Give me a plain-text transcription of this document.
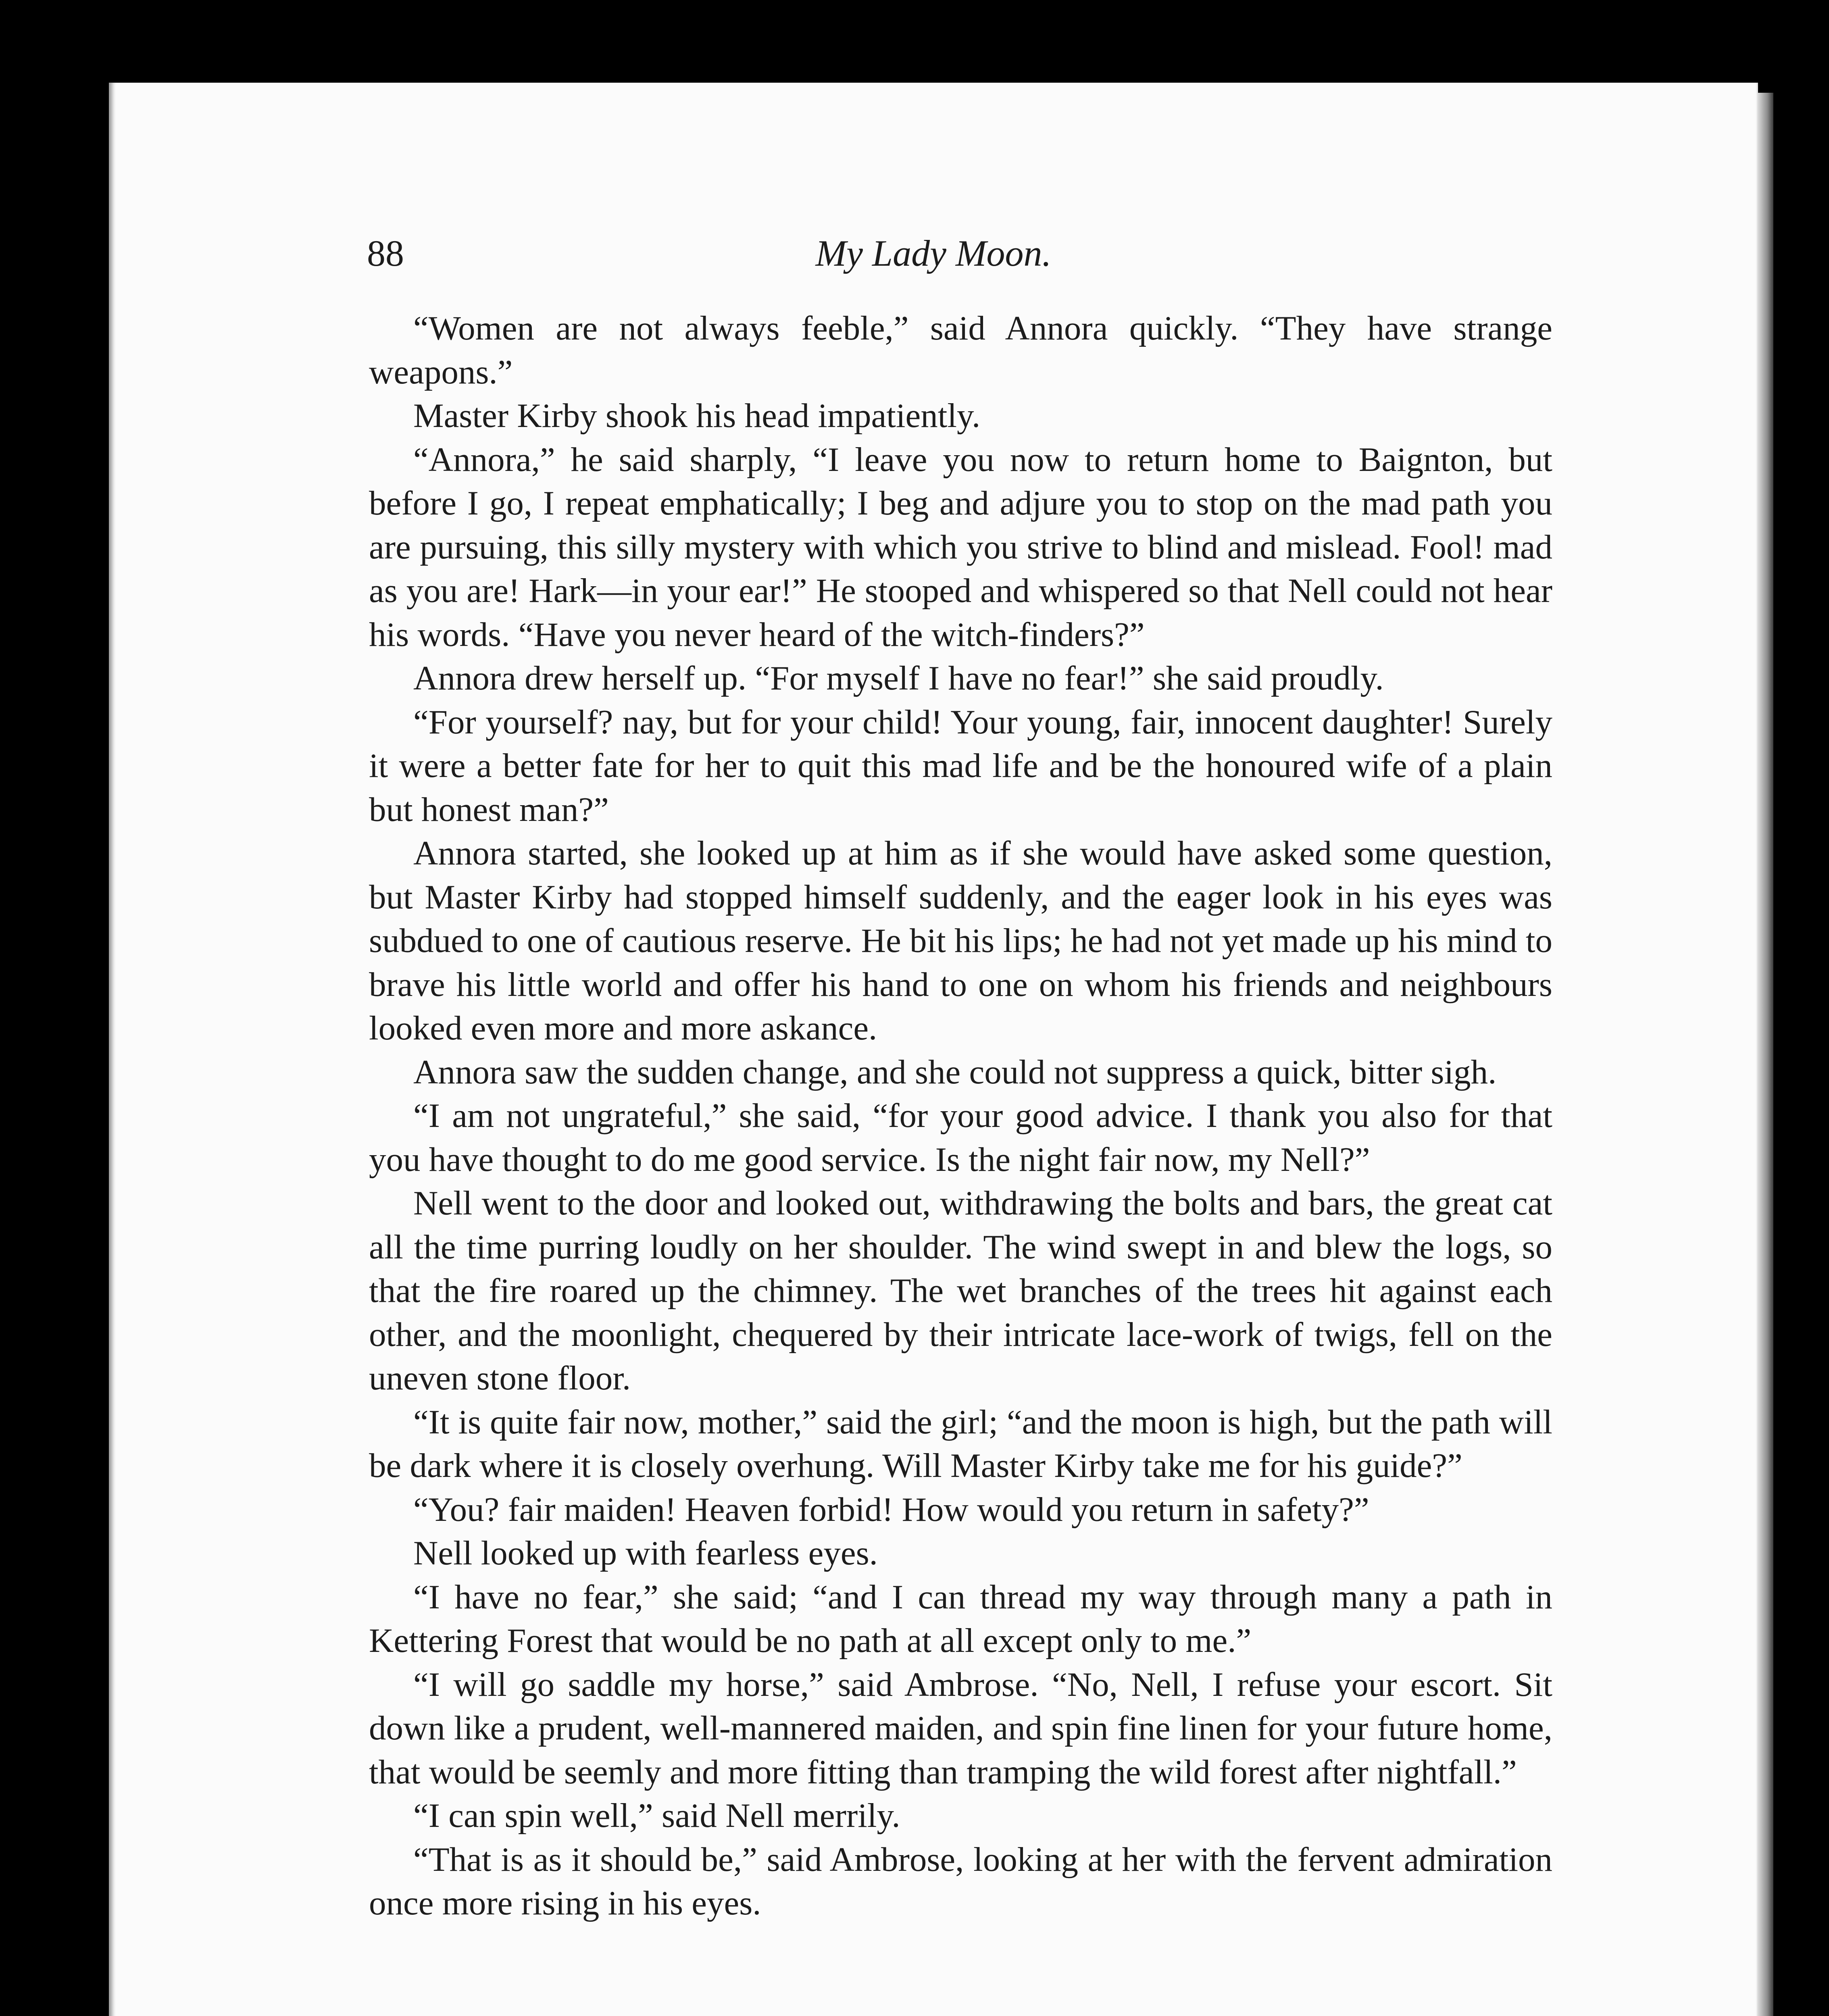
My Lady Moon.
88

“Women are not always feeble,” said Annora quickly. “They have strange weapons.”

Master Kirby shook his head impatiently.

“Annora,” he said sharply, “I leave you now to return home to Baignton, but before I go, I repeat emphatically; I beg and adjure you to stop on the mad path you are pursuing, this silly mystery with which you strive to blind and mislead. Fool! mad as you are! Hark—in your ear!” He stooped and whispered so that Nell could not hear his words. “Have you never heard of the witch-finders?”

Annora drew herself up. “For myself I have no fear!” she said proudly.

“For yourself? nay, but for your child! Your young, fair, innocent daughter! Surely it were a better fate for her to quit this mad life and be the honoured wife of a plain but honest man?”

Annora started, she looked up at him as if she would have asked some question, but Master Kirby had stopped himself suddenly, and the eager look in his eyes was subdued to one of cautious reserve. He bit his lips; he had not yet made up his mind to brave his little world and offer his hand to one on whom his friends and neighbours looked even more and more askance.

Annora saw the sudden change, and she could not suppress a quick, bitter sigh.

“I am not ungrateful,” she said, “for your good advice. I thank you also for that you have thought to do me good service. Is the night fair now, my Nell?”

Nell went to the door and looked out, withdrawing the bolts and bars, the great cat all the time purring loudly on her shoulder. The wind swept in and blew the logs, so that the fire roared up the chimney. The wet branches of the trees hit against each other, and the moonlight, chequered by their intricate lace-work of twigs, fell on the uneven stone floor.

“It is quite fair now, mother,” said the girl; “and the moon is high, but the path will be dark where it is closely overhung. Will Master Kirby take me for his guide?”

“You? fair maiden! Heaven forbid! How would you return in safety?”

Nell looked up with fearless eyes.

“I have no fear,” she said; “and I can thread my way through many a path in Kettering Forest that would be no path at all except only to me.”

“I will go saddle my horse,” said Ambrose. “No, Nell, I refuse your escort. Sit down like a prudent, well-mannered maiden, and spin fine linen for your future home, that would be seemly and more fitting than tramping the wild forest after nightfall.”

“I can spin well,” said Nell merrily.

“That is as it should be,” said Ambrose, looking at her with the fervent admiration once more rising in his eyes.
